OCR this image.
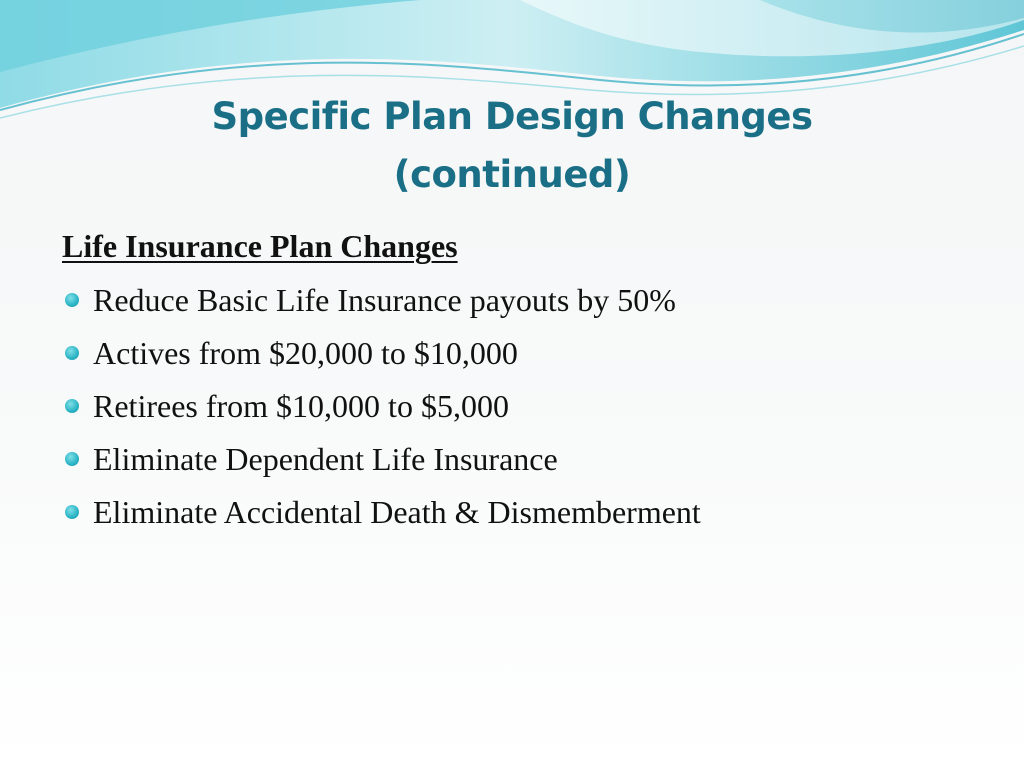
Specific Plan Design Changes
(continued)
Life Insurance Plan Changes
Reduce Basic Life Insurance payouts by 50%
Actives from $20,000 to $10,000
Retirees from $10,000 to $5,000
Eliminate Dependent Life Insurance
Eliminate Accidental Death & Dismemberment
